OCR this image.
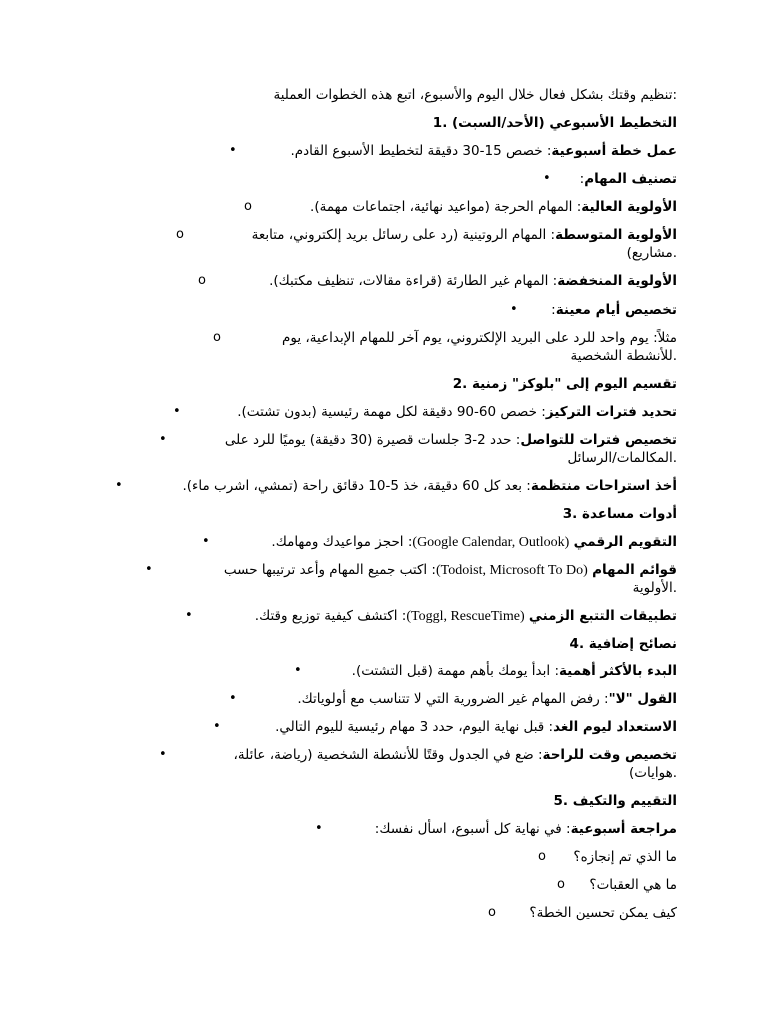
:تنظيم وقتك بشكل فعال خلال اليوم والأسبوع، اتبع هذه الخطوات العملية
التخطيط الأسبوعي (الأحد/السبت) .1
•	عمل خطة أسبوعية: خصص 15-30 دقيقة لتخطيط الأسبوع القادم.
•	تصنيف المهام:
o	الأولوية العالية: المهام الحرجة (مواعيد نهائية، اجتماعات مهمة).
o	الأولوية المتوسطة: المهام الروتينية (رد على رسائل بريد إلكتروني، متابعة
.مشاريع)
o	الأولوية المنخفضة: المهام غير الطارئة (قراءة مقالات، تنظيف مكتبك).
•	تخصيص أيام معينة:
o	مثلاً: يوم واحد للرد على البريد الإلكتروني، يوم آخر للمهام الإبداعية، يوم
.للأنشطة الشخصية
تقسيم اليوم إلى "بلوكز" زمنية .2
•	تحديد فترات التركيز: خصص 60-90 دقيقة لكل مهمة رئيسية (بدون تشتت).
•	تخصيص فترات للتواصل: حدد 2-3 جلسات قصيرة (30 دقيقة) يوميًا للرد على
.المكالمات/الرسائل
•	أخذ استراحات منتظمة: بعد كل 60 دقيقة، خذ 5-10 دقائق راحة (تمشي، اشرب ماء).
أدوات مساعدة .3
•	التقويم الرقمي (Google Calendar, Outlook): احجز مواعيدك ومهامك.
•	قوائم المهام (Todoist, Microsoft To Do): اكتب جميع المهام وأعد ترتيبها حسب
.الأولوية
•	تطبيقات التتبع الزمني (Toggl, RescueTime): اكتشف كيفية توزيع وقتك.
نصائح إضافية .4
•	البدء بالأكثر أهمية: ابدأ يومك بأهم مهمة (قبل التشتت).
•	القول "لا": رفض المهام غير الضرورية التي لا تتناسب مع أولوياتك.
•	الاستعداد ليوم الغد: قبل نهاية اليوم، حدد 3 مهام رئيسية لليوم التالي.
•	تخصيص وقت للراحة: ضع في الجدول وقتًا للأنشطة الشخصية (رياضة، عائلة،
.هوايات)
التقييم والتكيف .5
•	مراجعة أسبوعية: في نهاية كل أسبوع، اسأل نفسك:
o ما الذي تم إنجازه؟
o ما هي العقبات؟
o كيف يمكن تحسين الخطة؟
